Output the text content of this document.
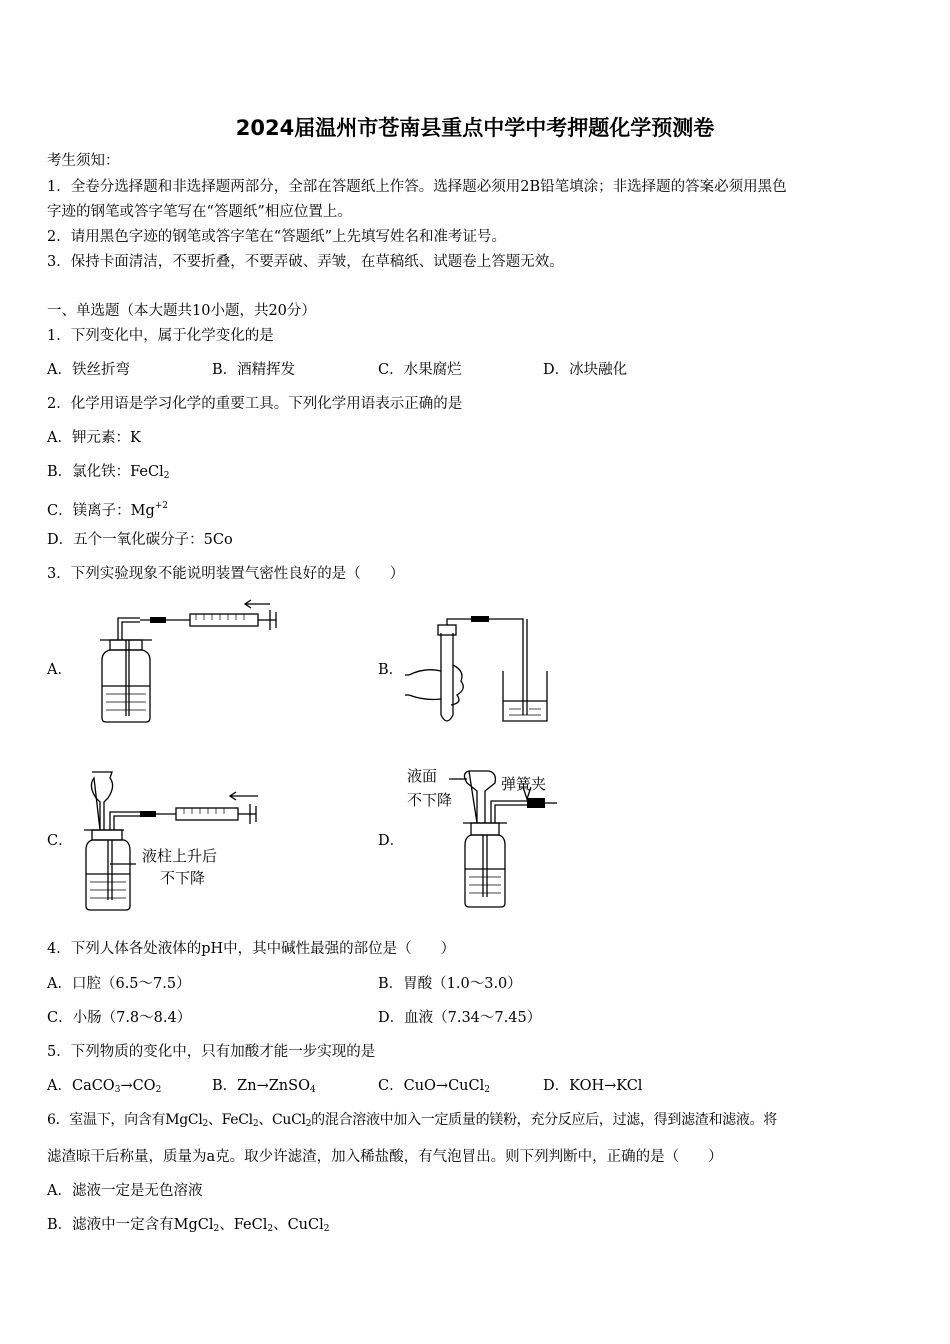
2024届温州市苍南县重点中学中考押题化学预测卷
考生须知：
1．全卷分选择题和非选择题两部分，全部在答题纸上作答。选择题必须用2B铅笔填涂；非选择题的答案必须用黑色
字迹的钢笔或答字笔写在“答题纸”相应位置上。
2．请用黑色字迹的钢笔或答字笔在“答题纸”上先填写姓名和准考证号。
3．保持卡面清洁，不要折叠，不要弄破、弄皱，在草稿纸、试题卷上答题无效。
一、单选题（本大题共10小题，共20分）
1．下列变化中，属于化学变化的是
A．铁丝折弯	B．酒精挥发	C．水果腐烂	D．冰块融化
2．化学用语是学习化学的重要工具。下列化学用语表示正确的是
A．钾元素：K
B．氯化铁：FeCl$_2$
C．镁离子：$Mg^{+2}$
D．五个一氧化碳分子：5Co
3．下列实验现象不能说明装置气密性良好的是（　　）
A．	B．
C．	D．
液柱上升后
不下降
液面
不下降
弹簧夹
4．下列人体各处液体的pH中，其中碱性最强的部位是（　　）
A．口腔（6.5～7.5）	B．胃酸（1.0～3.0）
C．小肠（7.8～8.4）	D．血液（7.34～7.45）
5．下列物质的变化中，只有加酸才能一步实现的是
A．$CaCO_3\to CO_2$	B．Zn→ZnSO$_4$	C．CuO→CuCl$_2$	D．KOH→KCl
6．室温下，向含有MgCl$_2$、FeCl$_2$、CuCl$_2$的混合溶液中加入一定质量的镁粉，充分反应后，过滤，得到滤渣和滤液。将
滤渣晾干后称量，质量为a克。取少许滤渣，加入稀盐酸，有气泡冒出。则下列判断中，正确的是（　　）
A．滤液一定是无色溶液
B．滤液中一定含有MgCl$_2$、FeCl$_2$、CuCl$_2$
